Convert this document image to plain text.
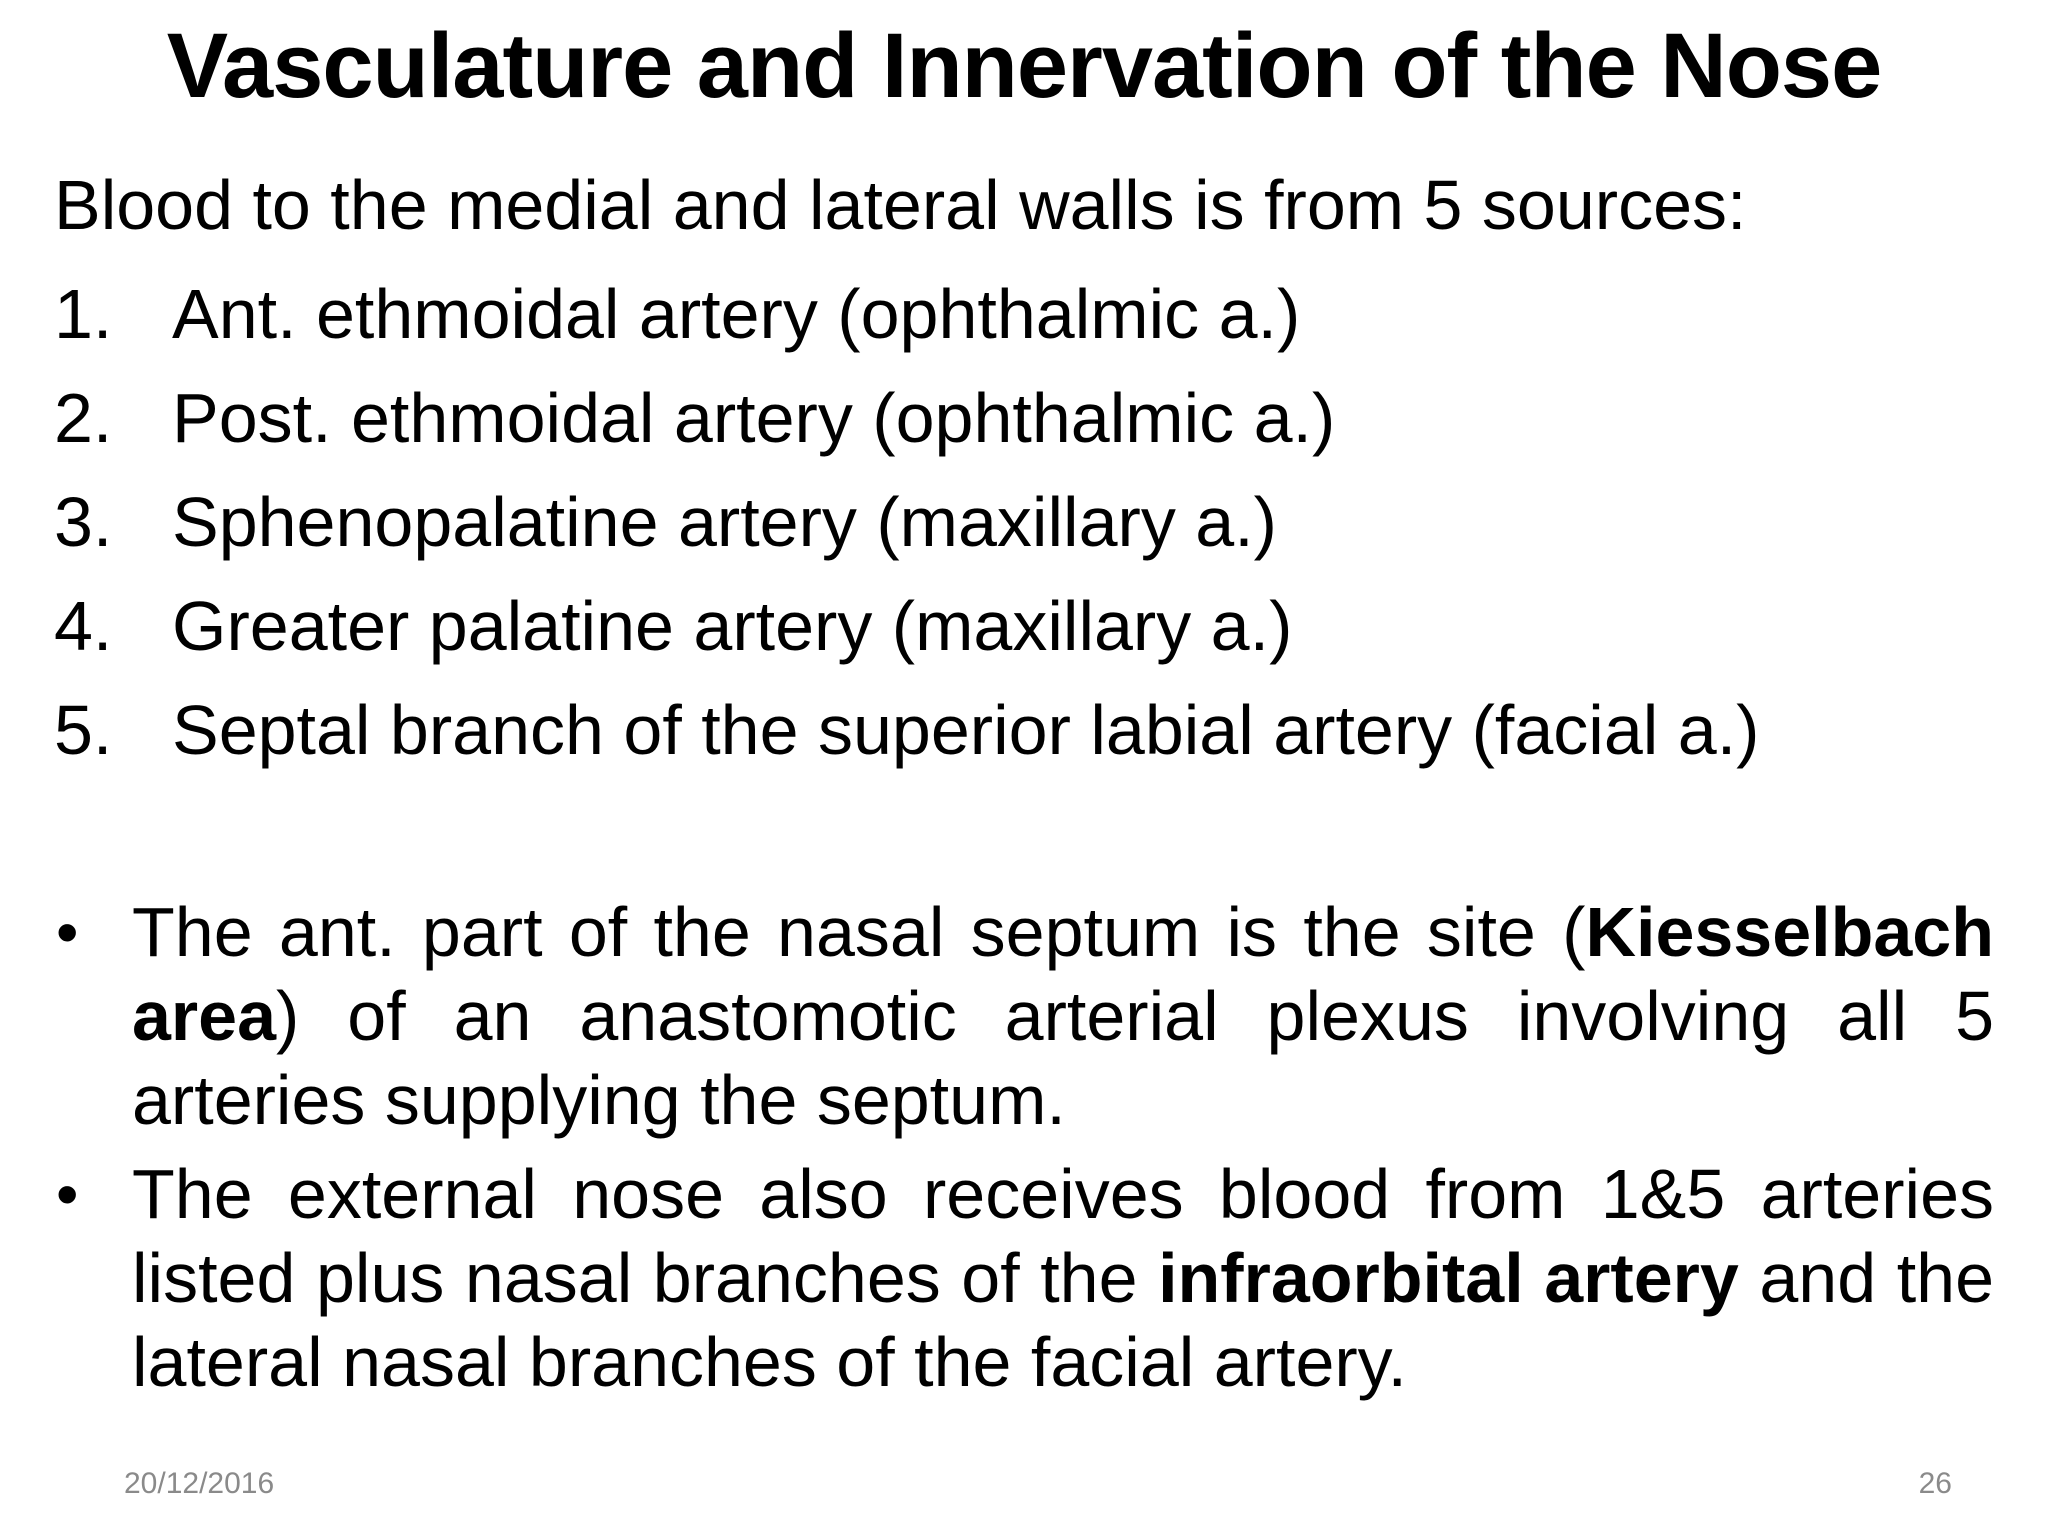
Vasculature and Innervation of the Nose
Blood to the medial and lateral walls is from 5 sources:
1. Ant. ethmoidal artery (ophthalmic a.)
2. Post. ethmoidal artery (ophthalmic a.)
3. Sphenopalatine artery (maxillary a.)
4. Greater palatine artery (maxillary a.)
5. Septal branch of the superior labial artery (facial a.)
• The ant. part of the nasal septum is the site (Kiesselbach area) of an anastomotic arterial plexus involving all 5 arteries supplying the septum.
• The external nose also receives blood from 1&5 arteries listed plus nasal branches of the infraorbital artery and the lateral nasal branches of the facial artery.
20/12/2016	26
